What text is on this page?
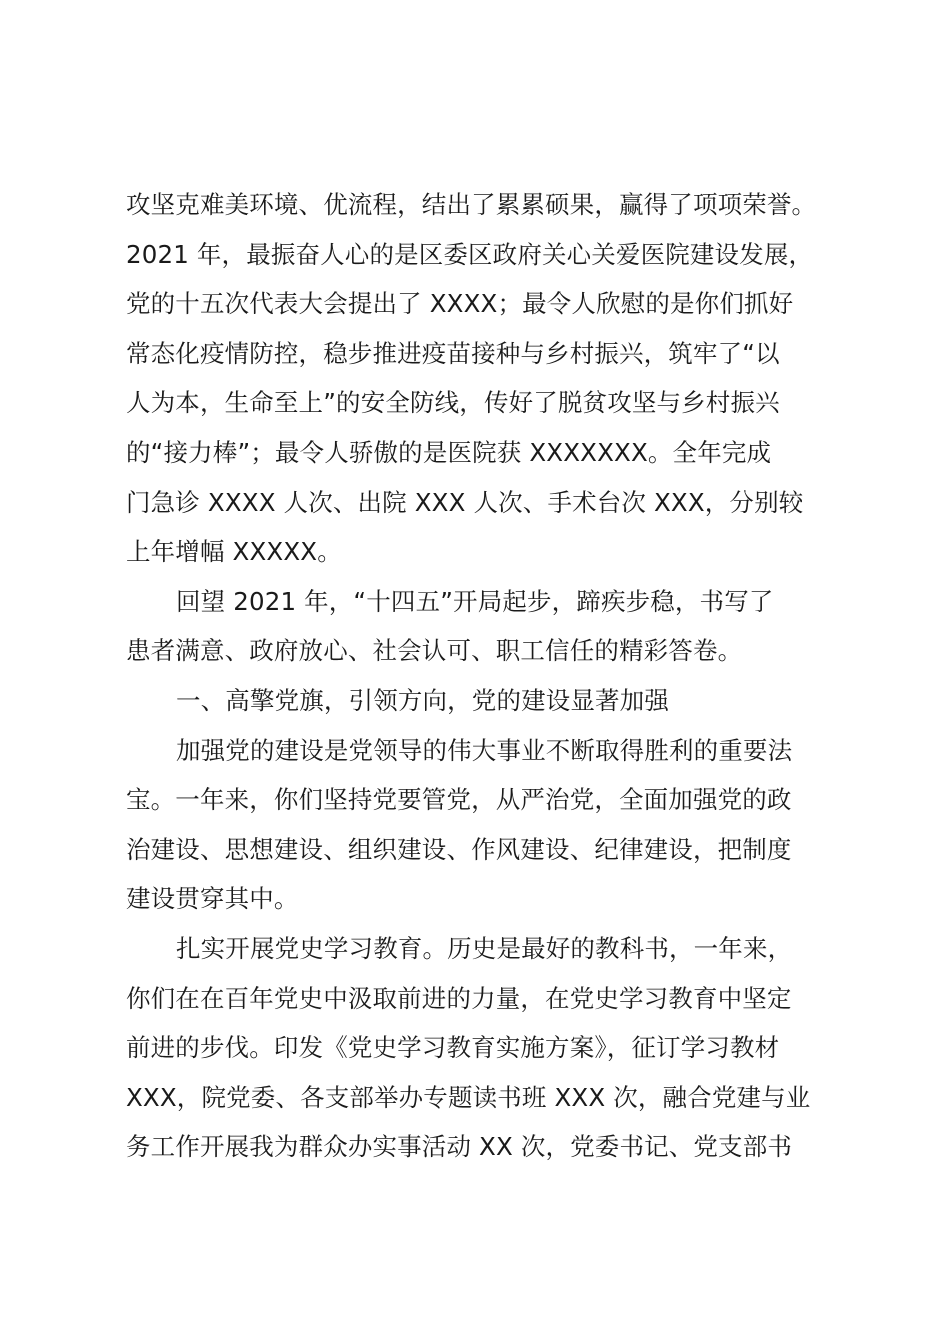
攻坚克难美环境、优流程，结出了累累硕果，赢得了项项荣誉。

2021 年，最振奋人心的是区委区政府关心关爱医院建设发展，

党的十五次代表大会提出了 XXXX；最令人欣慰的是你们抓好

常态化疫情防控，稳步推进疫苗接种与乡村振兴，筑牢了“以

人为本，生命至上”的安全防线，传好了脱贫攻坚与乡村振兴

的“接力棒”；最令人骄傲的是医院获 XXXXXXX。全年完成

门急诊 XXXX 人次、出院 XXX 人次、手术台次 XXX，分别较

上年增幅 XXXXX。

回望 2021 年，“十四五”开局起步，蹄疾步稳，书写了

患者满意、政府放心、社会认可、职工信任的精彩答卷。

一、高擎党旗，引领方向，党的建设显著加强

加强党的建设是党领导的伟大事业不断取得胜利的重要法

宝。一年来，你们坚持党要管党，从严治党，全面加强党的政

治建设、思想建设、组织建设、作风建设、纪律建设，把制度

建设贯穿其中。

扎实开展党史学习教育。历史是最好的教科书，一年来，

你们在在百年党史中汲取前进的力量，在党史学习教育中坚定

前进的步伐。印发《党史学习教育实施方案》，征订学习教材

XXX，院党委、各支部举办专题读书班 XXX 次，融合党建与业

务工作开展我为群众办实事活动 XX 次，党委书记、党支部书
